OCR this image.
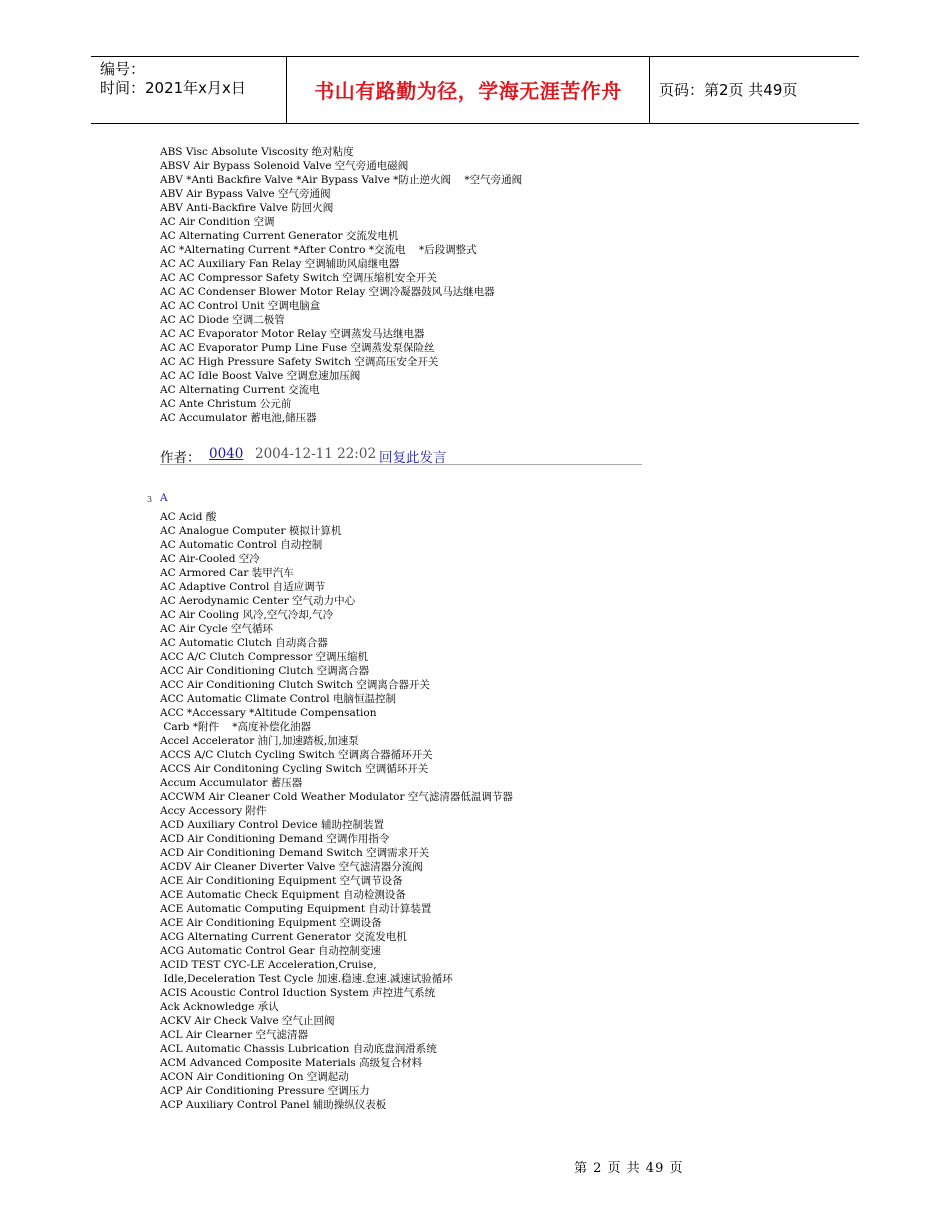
编号：
时间：2021年x月x日	书山有路勤为径，学海无涯苦作舟	页码：第2页 共49页
ABS Visc Absolute Viscosity 绝对粘度
ABSV Air Bypass Solenoid Valve 空气旁通电磁阀
ABV *Anti Backfire Valve *Air Bypass Valve *防止逆火阀    *空气旁通阀
ABV Air Bypass Valve 空气旁通阀
ABV Anti-Backfire Valve 防回火阀
AC Air Condition 空调
AC Alternating Current Generator 交流发电机
AC *Alternating Current *After Contro *交流电    *后段调整式
AC AC Auxiliary Fan Relay 空调辅助风扇继电器
AC AC Compressor Safety Switch 空调压缩机安全开关
AC AC Condenser Blower Motor Relay 空调冷凝器鼓风马达继电器
AC AC Control Unit 空调电脑盒
AC AC Diode 空调二极管
AC AC Evaporator Motor Relay 空调蒸发马达继电器
AC AC Evaporator Pump Line Fuse 空调蒸发泵保险丝
AC AC High Pressure Safety Switch 空调高压安全开关
AC AC Idle Boost Valve 空调怠速加压阀
AC Alternating Current 交流电
AC Ante Christum 公元前
AC Accumulator 蓄电池,储压器
作者： 0040 2004-12-11 22:02 回复此发言
3 A
AC Acid 酸
AC Analogue Computer 模拟计算机
AC Automatic Control 自动控制
AC Air-Cooled 空冷
AC Armored Car 装甲汽车
AC Adaptive Control 自适应调节
AC Aerodynamic Center 空气动力中心
AC Air Cooling 风冷,空气冷却,气冷
AC Air Cycle 空气循环
AC Automatic Clutch 自动离合器
ACC A/C Clutch Compressor 空调压缩机
ACC Air Conditioning Clutch 空调离合器
ACC Air Conditioning Clutch Switch 空调离合器开关
ACC Automatic Climate Control 电脑恒温控制
ACC *Accessary *Altitude Compensation
Carb *附件    *高度补偿化油器
Accel Accelerator 油门,加速踏板,加速泵
ACCS A/C Clutch Cycling Switch 空调离合器循环开关
ACCS Air Conditoning Cycling Switch 空调循环开关
Accum Accumulator 蓄压器
ACCWM Air Cleaner Cold Weather Modulator 空气滤清器低温调节器
Accy Accessory 附件
ACD Auxiliary Control Device 辅助控制装置
ACD Air Conditioning Demand 空调作用指令
ACD Air Conditioning Demand Switch 空调需求开关
ACDV Air Cleaner Diverter Valve 空气滤清器分流阀
ACE Air Conditioning Equipment 空气调节设备
ACE Automatic Check Equipment 自动检测设备
ACE Automatic Computing Equipment 自动计算装置
ACE Air Conditioning Equipment 空调设备
ACG Alternating Current Generator 交流发电机
ACG Automatic Control Gear 自动控制变速
ACID TEST CYC-LE Acceleration,Cruise,
Idle,Deceleration Test Cycle 加速.稳速.怠速.减速试验循环
ACIS Acoustic Control Iduction System 声控进气系统
Ack Acknowledge 承认
ACKV Air Check Valve 空气止回阀
ACL Air Clearner 空气滤清器
ACL Automatic Chassis Lubrication 自动底盘润滑系统
ACM Advanced Composite Materials 高级复合材料
ACON Air Conditioning On 空调起动
ACP Air Conditioning Pressure 空调压力
ACP Auxiliary Control Panel 辅助操纵仪表板
第 2 页 共 49 页
